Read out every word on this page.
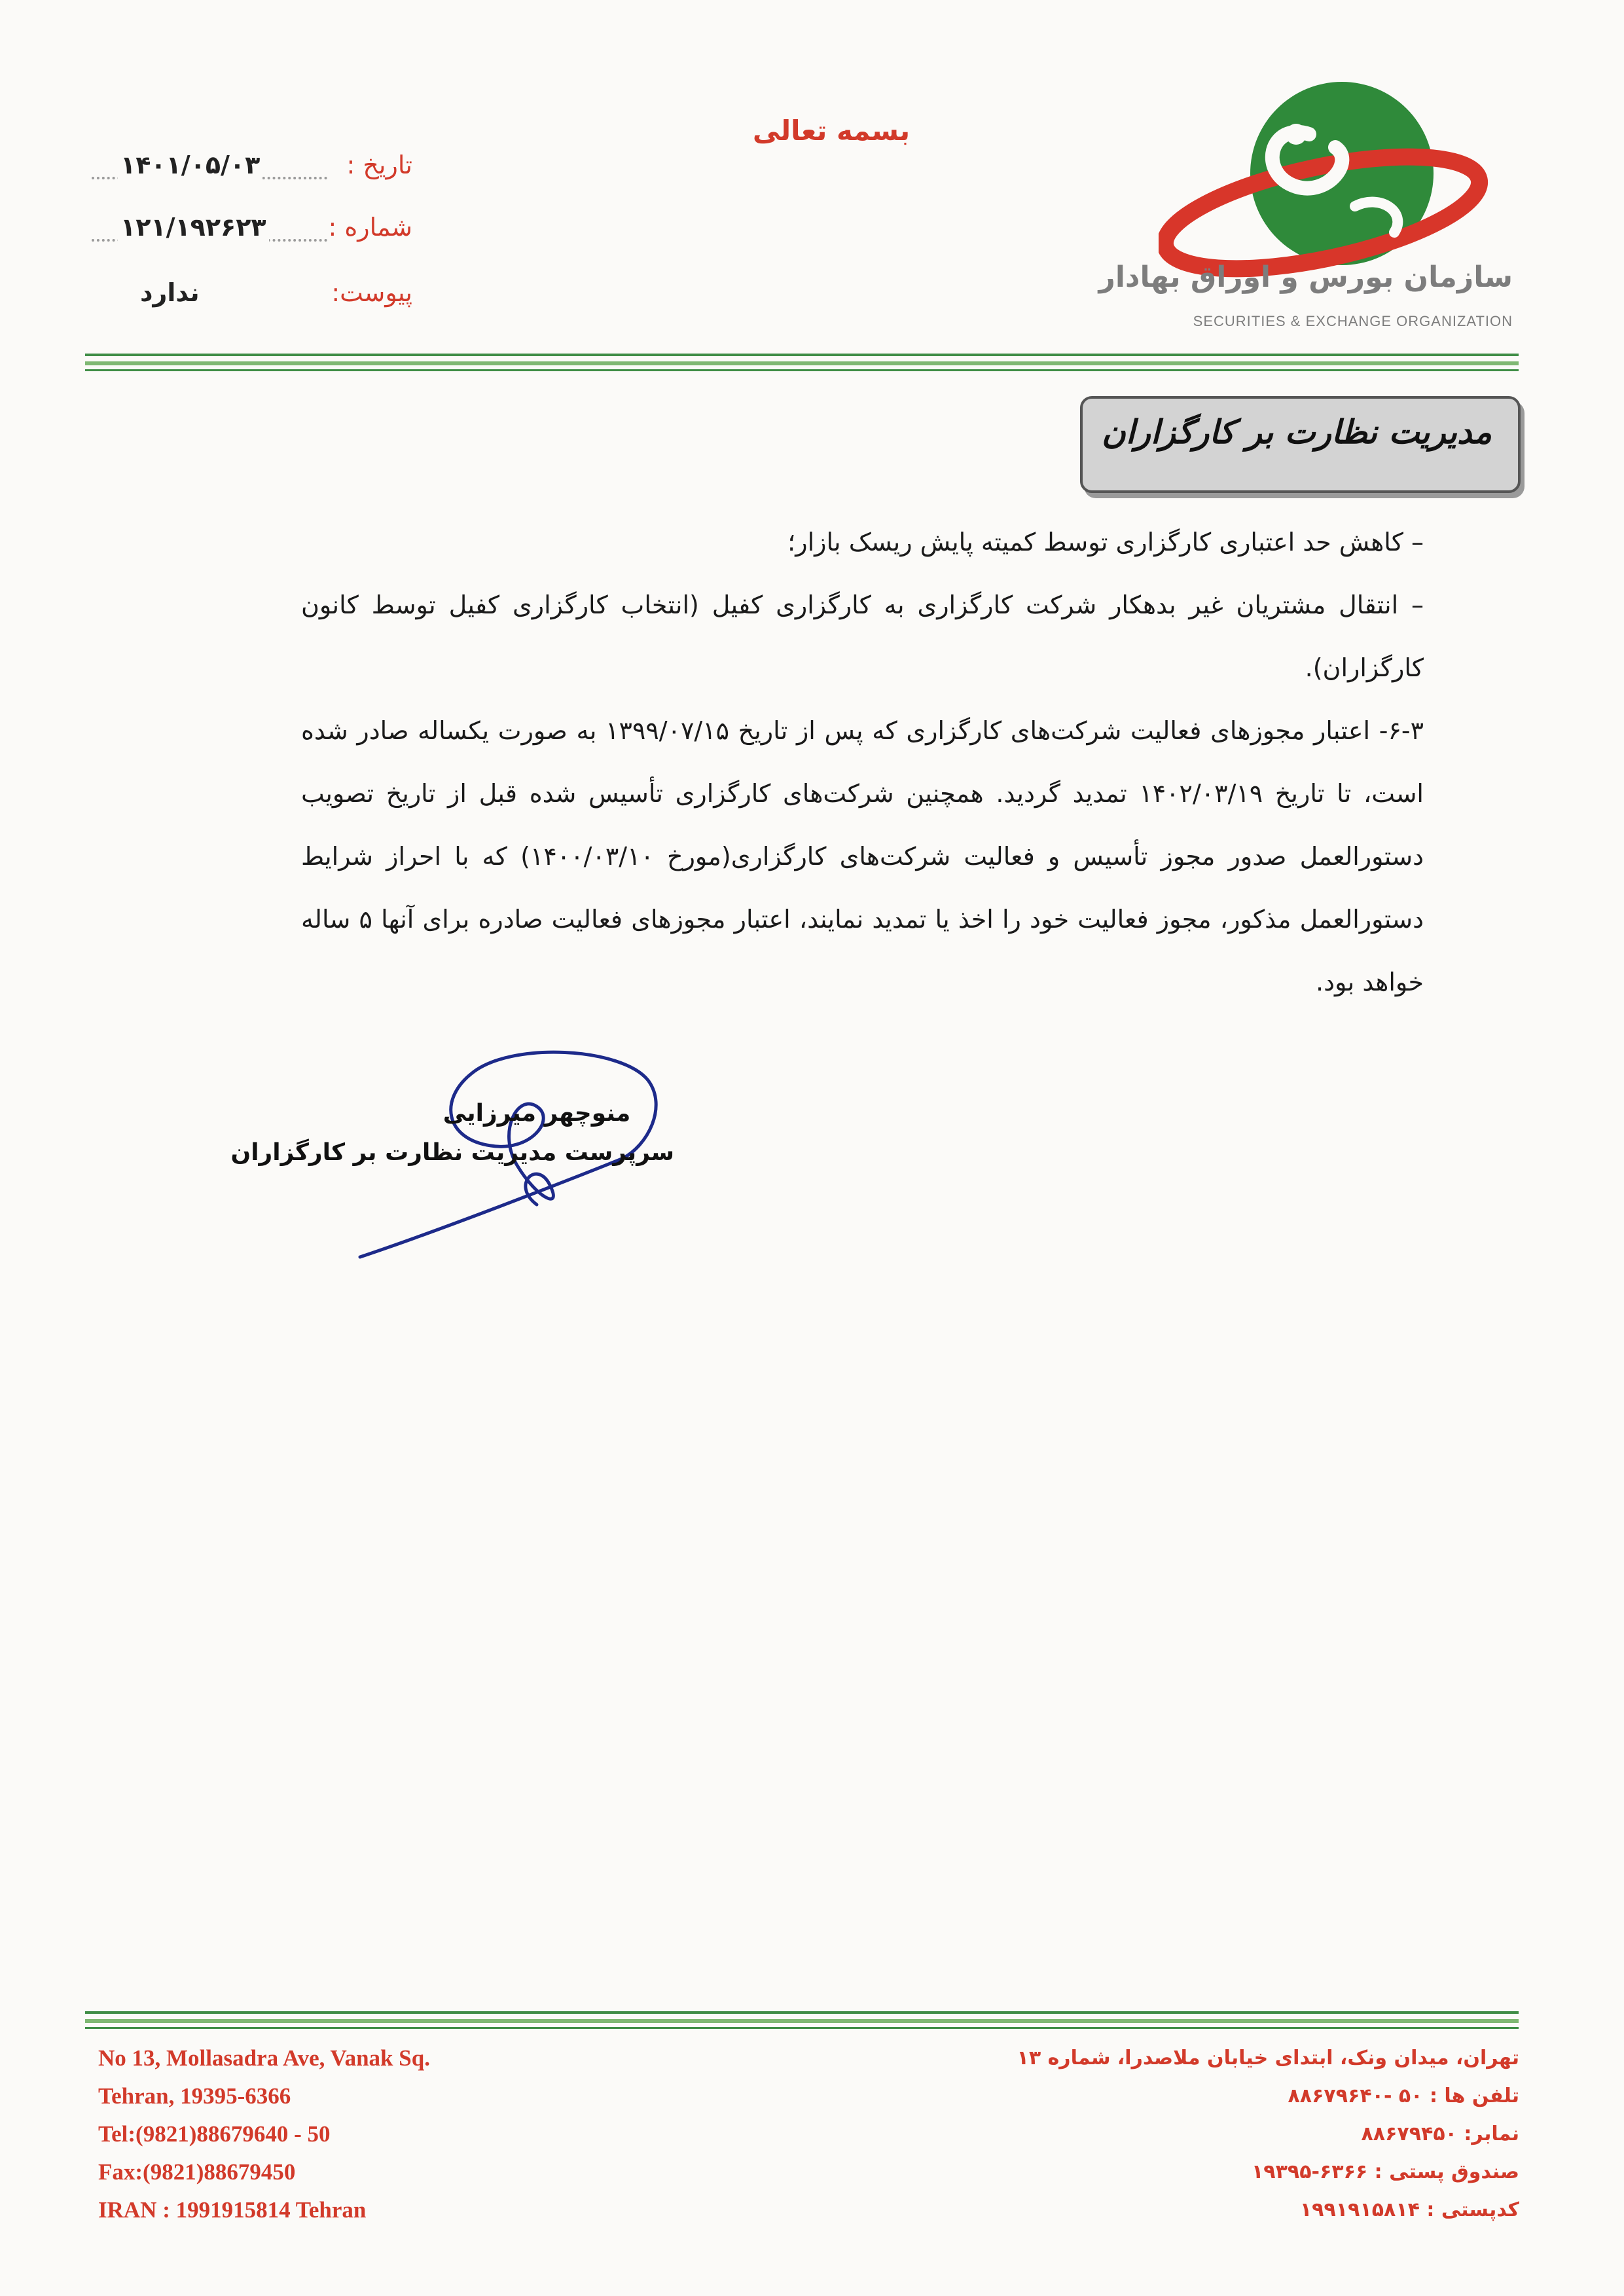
سازمان بورس و اوراق بهادار
SECURITIES & EXCHANGE ORGANIZATION
بسمه تعالی
تاریخ :
۱۴۰۱/۰۵/۰۳
شماره :
۱۲۱/۱۹۲۶۲۳
پیوست:
ندارد
مدیریت نظارت بر کارگزاران

– کاهش حد اعتباری کارگزاری توسط کمیته پایش ریسک بازار؛

– انتقال مشتریان غیر بدهکار شرکت کارگزاری به کارگزاری کفیل (انتخاب کارگزاری کفیل توسط کانون کارگزاران).

۶-۳- اعتبار مجوزهای فعالیت شرکت‌های کارگزاری که پس از تاریخ ۱۳۹۹/۰۷/۱۵ به صورت یکساله صادر شده است، تا تاریخ ۱۴۰۲/۰۳/۱۹ تمدید گردید. همچنین شرکت‌های کارگزاری تأسیس شده قبل از تاریخ تصویب دستورالعمل صدور مجوز تأسیس و فعالیت شرکت‌های کارگزاری(مورخ ۱۴۰۰/۰۳/۱۰) که با احراز شرایط دستورالعمل مذکور، مجوز فعالیت خود را اخذ یا تمدید نمایند، اعتبار مجوزهای فعالیت صادره برای آنها ۵ ساله خواهد بود.

منوچهر میرزایی
سرپرست مدیریت نظارت بر کارگزاران
No 13, Mollasadra Ave, Vanak Sq.
Tehran, 19395-6366
Tel:(9821)88679640 - 50
Fax:(9821)88679450
IRAN : 1991915814 Tehran
تهران، میدان ونک، ابتدای خیابان ملاصدرا، شماره ۱۳
تلفن ها : ۵۰ -۸۸۶۷۹۶۴۰
نمابر: ۸۸۶۷۹۴۵۰
صندوق پستی : ۶۳۶۶-۱۹۳۹۵
کدپستی : ۱۹۹۱۹۱۵۸۱۴
